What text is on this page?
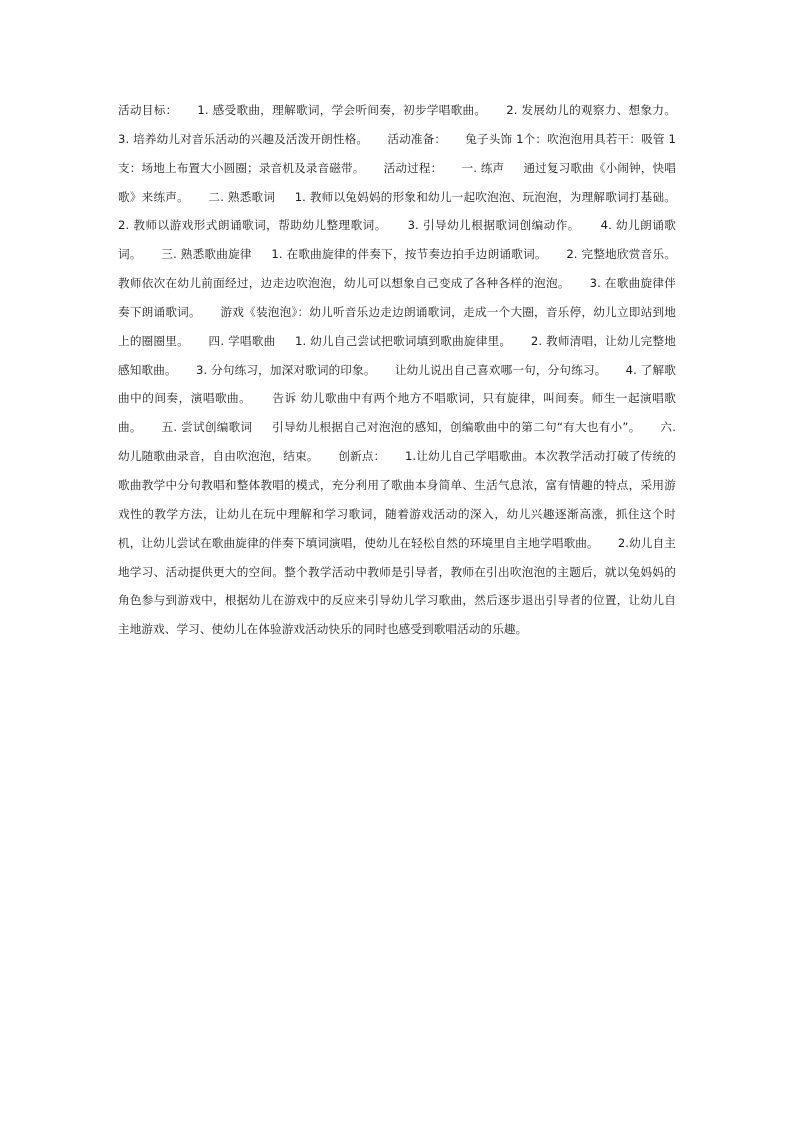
活动目标：     1. 感受歌曲，理解歌词，学会听间奏，初步学唱歌曲。     2. 发展幼儿的观察力、想象力。     3. 培养幼儿对音乐活动的兴趣及活泼开朗性格。     活动准备：     兔子头饰 1个：吹泡泡用具若干：吸管 1支：场地上布置大小圆圈；录音机及录音磁带。     活动过程：     一. 练声     通过复习歌曲《小闹钟，快唱歌》来练声。     二. 熟悉歌词     1. 教师以兔妈妈的形象和幼儿一起吹泡泡、玩泡泡，为理解歌词打基础。     2. 教师以游戏形式朗诵歌词，帮助幼儿整理歌词。     3. 引导幼儿根据歌词创编动作。     4. 幼儿朗诵歌词。     三. 熟悉歌曲旋律     1. 在歌曲旋律的伴奏下，按节奏边拍手边朗诵歌词。     2. 完整地欣赏音乐。     教师依次在幼儿前面经过，边走边吹泡泡，幼儿可以想象自己变成了各种各样的泡泡。     3. 在歌曲旋律伴奏下朗诵歌词。     游戏《装泡泡》：幼儿听音乐边走边朗诵歌词，走成一个大圈，音乐停，幼儿立即站到地上的圈圈里。     四. 学唱歌曲     1. 幼儿自己尝试把歌词填到歌曲旋律里。     2. 教师清唱，让幼儿完整地感知歌曲。     3. 分句练习，加深对歌词的印象。     让幼儿说出自己喜欢哪一句，分句练习。     4. 了解歌曲中的间奏，演唱歌曲。     告诉 幼儿歌曲中有两个地方不唱歌词，只有旋律，叫间奏。师生一起演唱歌曲。     五. 尝试创编歌词     引导幼儿根据自己对泡泡的感知，创编歌曲中的第二句“有大也有小”。     六. 幼儿随歌曲录音，自由吹泡泡，结束。     创新点：     1.让幼儿自己学唱歌曲。本次教学活动打破了传统的歌曲教学中分句教唱和整体教唱的模式，充分利用了歌曲本身简单、生活气息浓，富有情趣的特点，采用游戏性的教学方法，让幼儿在玩中理解和学习歌词，随着游戏活动的深入，幼儿兴趣逐渐高涨，抓住这个时机，让幼儿尝试在歌曲旋律的伴奏下填词演唱，使幼儿在轻松自然的环境里自主地学唱歌曲。     2.幼儿自主地学习、活动提供更大的空间。整个教学活动中教师是引导者，教师在引出吹泡泡的主题后，就以兔妈妈的角色参与到游戏中，根据幼儿在游戏中的反应来引导幼儿学习歌曲，然后逐步退出引导者的位置，让幼儿自主地游戏、学习、使幼儿在体验游戏活动快乐的同时也感受到歌唱活动的乐趣。
